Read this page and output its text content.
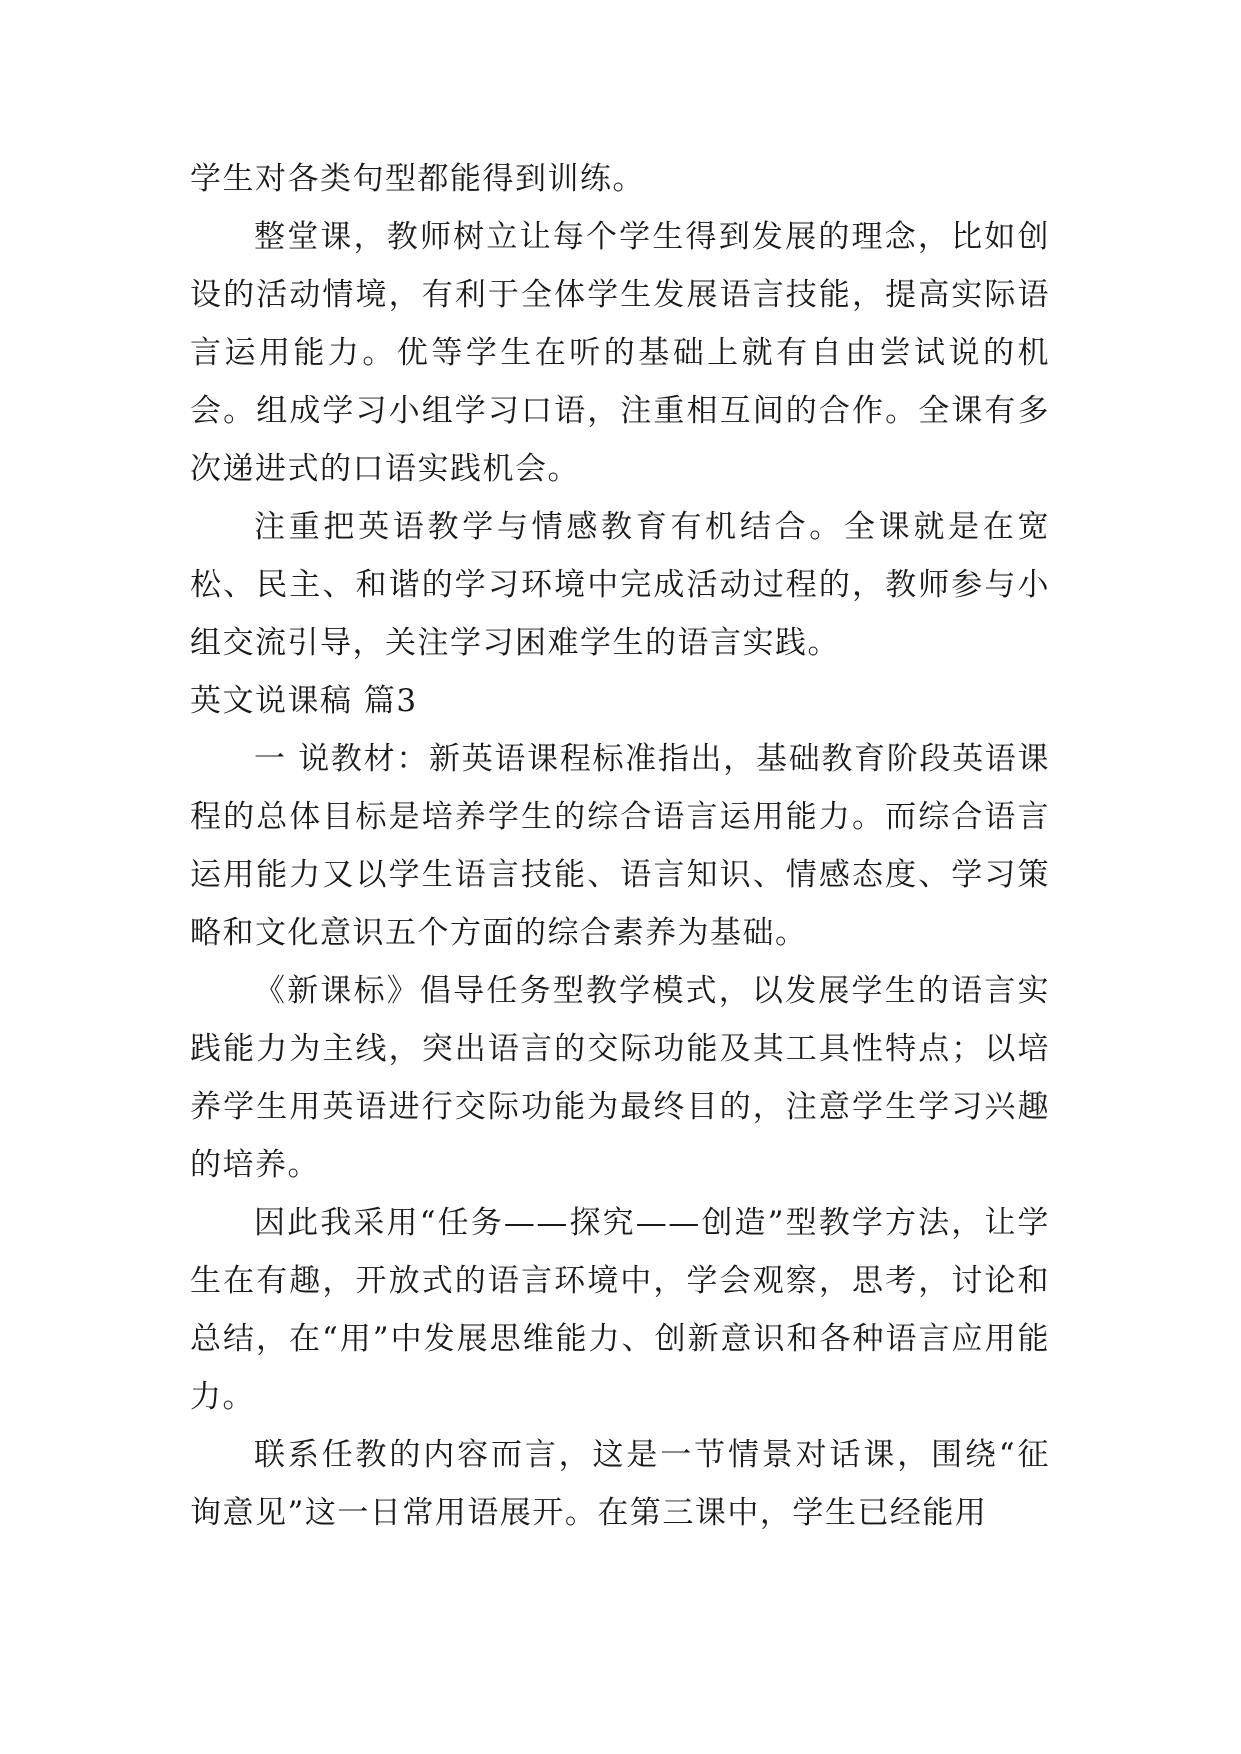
学生对各类句型都能得到训练。

整堂课，教师树立让每个学生得到发展的理念，比如创设的活动情境，有利于全体学生发展语言技能，提高实际语言运用能力。优等学生在听的基础上就有自由尝试说的机会。组成学习小组学习口语，注重相互间的合作。全课有多次递进式的口语实践机会。

注重把英语教学与情感教育有机结合。全课就是在宽松、民主、和谐的学习环境中完成活动过程的，教师参与小组交流引导，关注学习困难学生的语言实践。

英文说课稿 篇3

一 说教材：新英语课程标准指出，基础教育阶段英语课程的总体目标是培养学生的综合语言运用能力。而综合语言运用能力又以学生语言技能、语言知识、情感态度、学习策略和文化意识五个方面的综合素养为基础。

《新课标》倡导任务型教学模式，以发展学生的语言实践能力为主线，突出语言的交际功能及其工具性特点；以培养学生用英语进行交际功能为最终目的，注意学生学习兴趣的培养。

因此我采用“任务——探究——创造”型教学方法，让学生在有趣，开放式的语言环境中，学会观察，思考，讨论和总结，在“用”中发展思维能力、创新意识和各种语言应用能力。

联系任教的内容而言，这是一节情景对话课，围绕“征询意见”这一日常用语展开。在第三课中，学生已经能用
